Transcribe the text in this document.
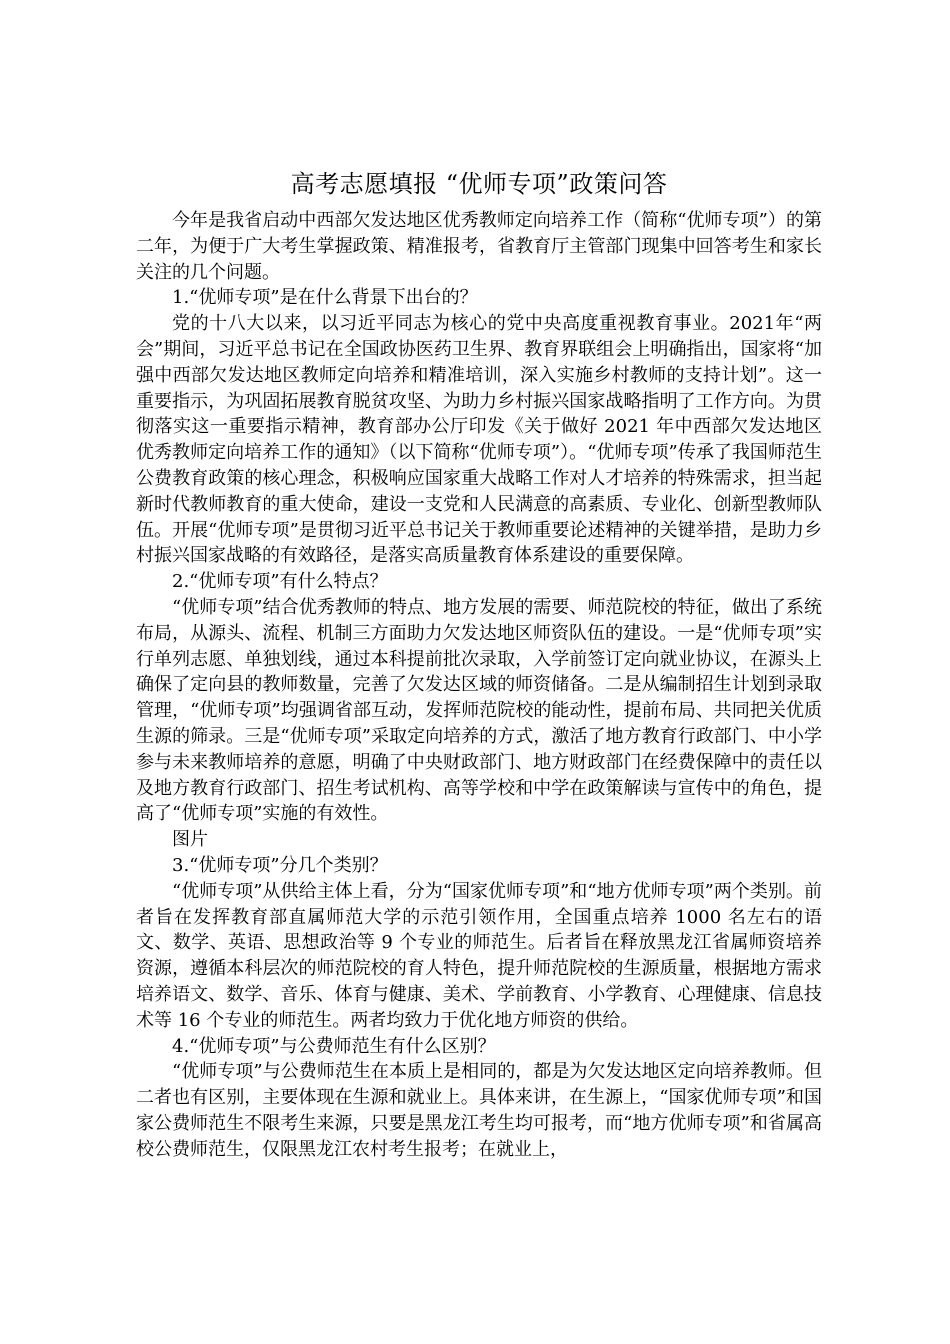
高考志愿填报 “优师专项”政策问答

今年是我省启动中西部欠发达地区优秀教师定向培养工作（简称“优师专项”）的第二年，为便于广大考生掌握政策、精准报考，省教育厅主管部门现集中回答考生和家长关注的几个问题。

1.“优师专项”是在什么背景下出台的？

党的十八大以来，以习近平同志为核心的党中央高度重视教育事业。2021年“两会”期间，习近平总书记在全国政协医药卫生界、教育界联组会上明确指出，国家将“加强中西部欠发达地区教师定向培养和精准培训，深入实施乡村教师的支持计划”。这一重要指示，为巩固拓展教育脱贫攻坚、为助力乡村振兴国家战略指明了工作方向。为贯彻落实这一重要指示精神，教育部办公厅印发《关于做好 2021 年中西部欠发达地区优秀教师定向培养工作的通知》（以下简称“优师专项”）。“优师专项”传承了我国师范生公费教育政策的核心理念，积极响应国家重大战略工作对人才培养的特殊需求，担当起新时代教师教育的重大使命，建设一支党和人民满意的高素质、专业化、创新型教师队伍。开展“优师专项”是贯彻习近平总书记关于教师重要论述精神的关键举措，是助力乡村振兴国家战略的有效路径，是落实高质量教育体系建设的重要保障。

2.“优师专项”有什么特点？

“优师专项”结合优秀教师的特点、地方发展的需要、师范院校的特征，做出了系统布局，从源头、流程、机制三方面助力欠发达地区师资队伍的建设。一是“优师专项”实行单列志愿、单独划线，通过本科提前批次录取，入学前签订定向就业协议，在源头上确保了定向县的教师数量，完善了欠发达区域的师资储备。二是从编制招生计划到录取管理，“优师专项”均强调省部互动，发挥师范院校的能动性，提前布局、共同把关优质生源的筛录。三是“优师专项”采取定向培养的方式，激活了地方教育行政部门、中小学参与未来教师培养的意愿，明确了中央财政部门、地方财政部门在经费保障中的责任以及地方教育行政部门、招生考试机构、高等学校和中学在政策解读与宣传中的角色，提高了“优师专项”实施的有效性。

图片

3.“优师专项”分几个类别？

“优师专项”从供给主体上看，分为“国家优师专项”和“地方优师专项”两个类别。前者旨在发挥教育部直属师范大学的示范引领作用，全国重点培养 1000 名左右的语文、数学、英语、思想政治等 9 个专业的师范生。后者旨在释放黑龙江省属师资培养资源，遵循本科层次的师范院校的育人特色，提升师范院校的生源质量，根据地方需求培养语文、数学、音乐、体育与健康、美术、学前教育、小学教育、心理健康、信息技术等 16 个专业的师范生。两者均致力于优化地方师资的供给。

4.“优师专项”与公费师范生有什么区别？

“优师专项”与公费师范生在本质上是相同的，都是为欠发达地区定向培养教师。但二者也有区别，主要体现在生源和就业上。具体来讲，在生源上，“国家优师专项”和国家公费师范生不限考生来源，只要是黑龙江考生均可报考，而“地方优师专项”和省属高校公费师范生，仅限黑龙江农村考生报考；在就业上，
